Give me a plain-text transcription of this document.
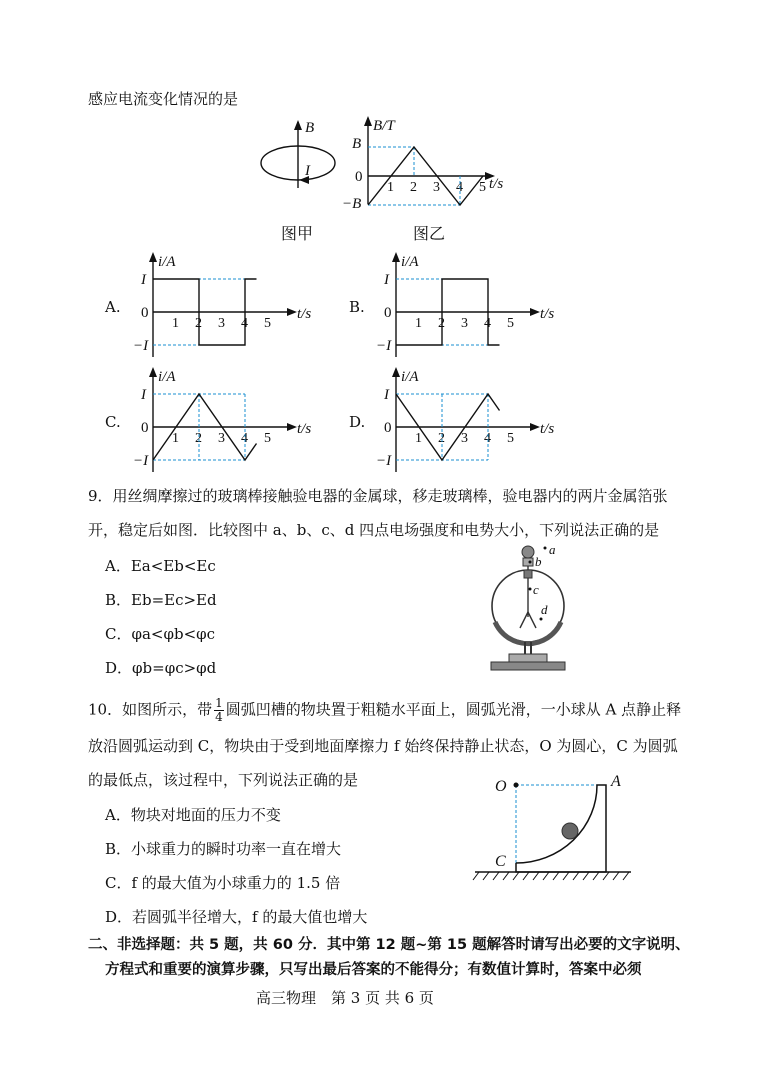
感应电流变化情况的是
B
I
图甲
B/T
t/s
B
−B
0
1 2 3 4 5
图乙
A.	B.
C.	D.
i/A
t/s
I
−I
0
1 2 3 4 5
i/A
t/s
I
−I
0
1 2 3 4 5
i/A
t/s
I
−I
0
1 2 3 4 5
i/A
t/s
I
−I
0
1 2 3 4 5
9．用丝绸摩擦过的玻璃棒接触验电器的金属球，移走玻璃棒，验电器内的两片金属箔张
开，稳定后如图．比较图中 a、b、c、d 四点电场强度和电势大小，下列说法正确的是
A．Ea<Eb<Ec
B．Eb=Ec>Ed
C．φa<φb<φc
D．φb=φc>φd
a
b
c
d
10．如图所示，带 $\frac{1}{4}$ 圆弧凹槽的物块置于粗糙水平面上，圆弧光滑，一小球从 A 点静止释
放沿圆弧运动到 C，物块由于受到地面摩擦力 f 始终保持静止状态，O 为圆心，C 为圆弧
的最低点，该过程中，下列说法正确的是
A．物块对地面的压力不变
B．小球重力的瞬时功率一直在增大
C．f 的最大值为小球重力的 1.5 倍
D．若圆弧半径增大，f 的最大值也增大
O	A
C
二、非选择题：共 5 题，共 60 分．其中第 12 题~第 15 题解答时请写出必要的文字说明、
方程式和重要的演算步骤，只写出最后答案的不能得分；有数值计算时，答案中必须
高三物理　第 3 页 共 6 页
